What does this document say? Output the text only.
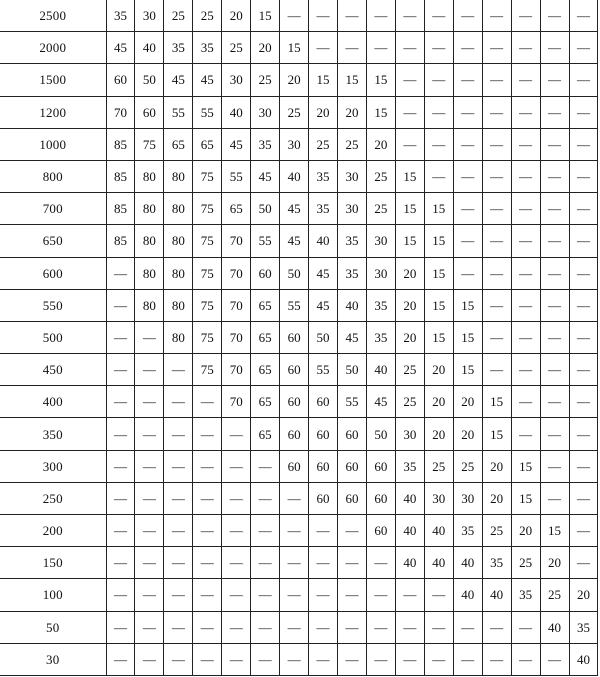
2500	35	30	25	25	20	15	—	—	—	—	—	—	—	—	—	—	—
2000	45	40	35	35	25	20	15	—	—	—	—	—	—	—	—	—	—
1500	60	50	45	45	30	25	20	15	15	15	—	—	—	—	—	—	—
1200	70	60	55	55	40	30	25	20	20	15	—	—	—	—	—	—	—
1000	85	75	65	65	45	35	30	25	25	20	—	—	—	—	—	—	—
800	85	80	80	75	55	45	40	35	30	25	15	—	—	—	—	—	—
700	85	80	80	75	65	50	45	35	30	25	15	15	—	—	—	—	—
650	85	80	80	75	70	55	45	40	35	30	15	15	—	—	—	—	—
600	—	80	80	75	70	60	50	45	35	30	20	15	—	—	—	—	—
550	—	80	80	75	70	65	55	45	40	35	20	15	15	—	—	—	—
500	—	—	80	75	70	65	60	50	45	35	20	15	15	—	—	—	—
450	—	—	—	75	70	65	60	55	50	40	25	20	15	—	—	—	—
400	—	—	—	—	70	65	60	60	55	45	25	20	20	15	—	—	—
350	—	—	—	—	—	65	60	60	60	50	30	20	20	15	—	—	—
300	—	—	—	—	—	—	60	60	60	60	35	25	25	20	15	—	—
250	—	—	—	—	—	—	—	60	60	60	40	30	30	20	15	—	—
200	—	—	—	—	—	—	—	—	—	60	40	40	35	25	20	15	—
150	—	—	—	—	—	—	—	—	—	—	40	40	40	35	25	20	—
100	—	—	—	—	—	—	—	—	—	—	—	—	40	40	35	25	20
50	—	—	—	—	—	—	—	—	—	—	—	—	—	—	—	40	35
30	—	—	—	—	—	—	—	—	—	—	—	—	—	—	—	—	40
